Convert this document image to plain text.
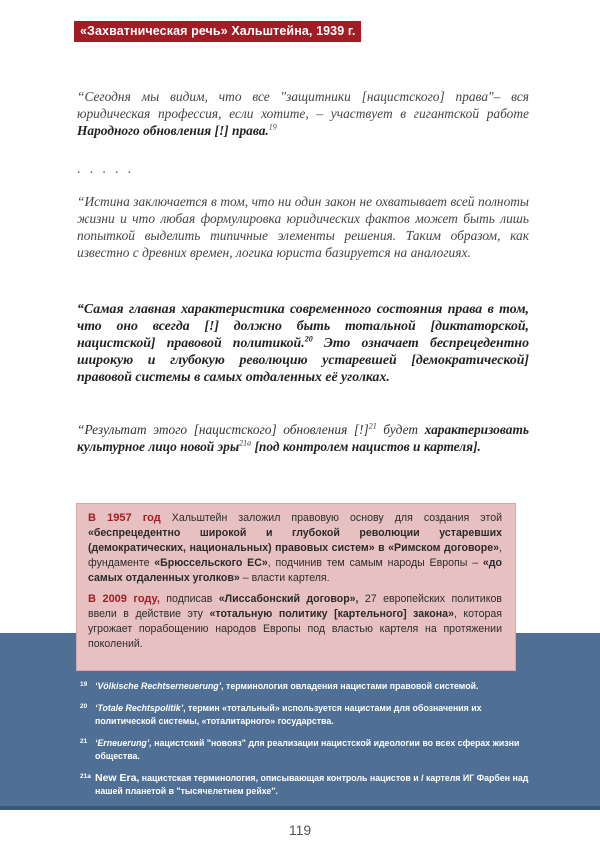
«Захватническая речь» Хальштейна, 1939 г.
“Сегодня мы видим, что все "защитники [нацистского] права"– вся юридическая профессия, если хотите, – участвует в гигантской работе Народного обновления [!] права.$^{19}$
. . . . .
“Истина заключается в том, что ни один закон не охватывает всей полноты жизни и что любая формулировка юридических фактов может быть лишь попыткой выделить типичные элементы решения. Таким образом, как известно с древних времен, логика юриста базируется на аналогиях.
“Самая главная характеристика современного состояния права в том, что оно всегда [!] должно быть тотальной [диктаторской, нацистской] правовой политикой.$^{20}$ Это означает беспрецедентно широкую и глубокую революцию устаревшей [демократической] правовой системы в самых отдаленных её уголках.
“Результат этого [нацистского] обновления [!]$^{21}$ будет характеризовать культурное лицо новой эры$^{21a}$ [под контролем нацистов и картеля].

В 1957 год Хальштейн заложил правовую основу для создания этой «беспрецедентно широкой и глубокой революции устаревших (демократических, национальных) правовых систем» в «Римском договоре», фундаменте «Брюссельского ЕС», подчинив тем самым народы Европы – «до самых отдаленных уголков» – власти картеля.

В 2009 году, подписав «Лиссабонский договор», 27 европейских политиков ввели в действие эту «тотальную политику [картельного] закона», которая угрожает порабощению народов Европы под властью картеля на протяжении поколений.

19 ‘Völkische Rechtserneuerung’, терминология овладения нацистами правовой системой.
20 ‘Totale Rechtspolitik’, термин «тотальный» используется нацистами для обозначения их политической системы, «тоталитарного» государства.
21 ‘Erneuerung’, нацистский "новояз" для реализации нацистской идеологии во всех сферах жизни общества.
21a New Era, нацистская терминология, описывающая контроль нацистов и / картеля ИГ Фарбен над нашей планетой в "тысячелетнем рейхе".
119
